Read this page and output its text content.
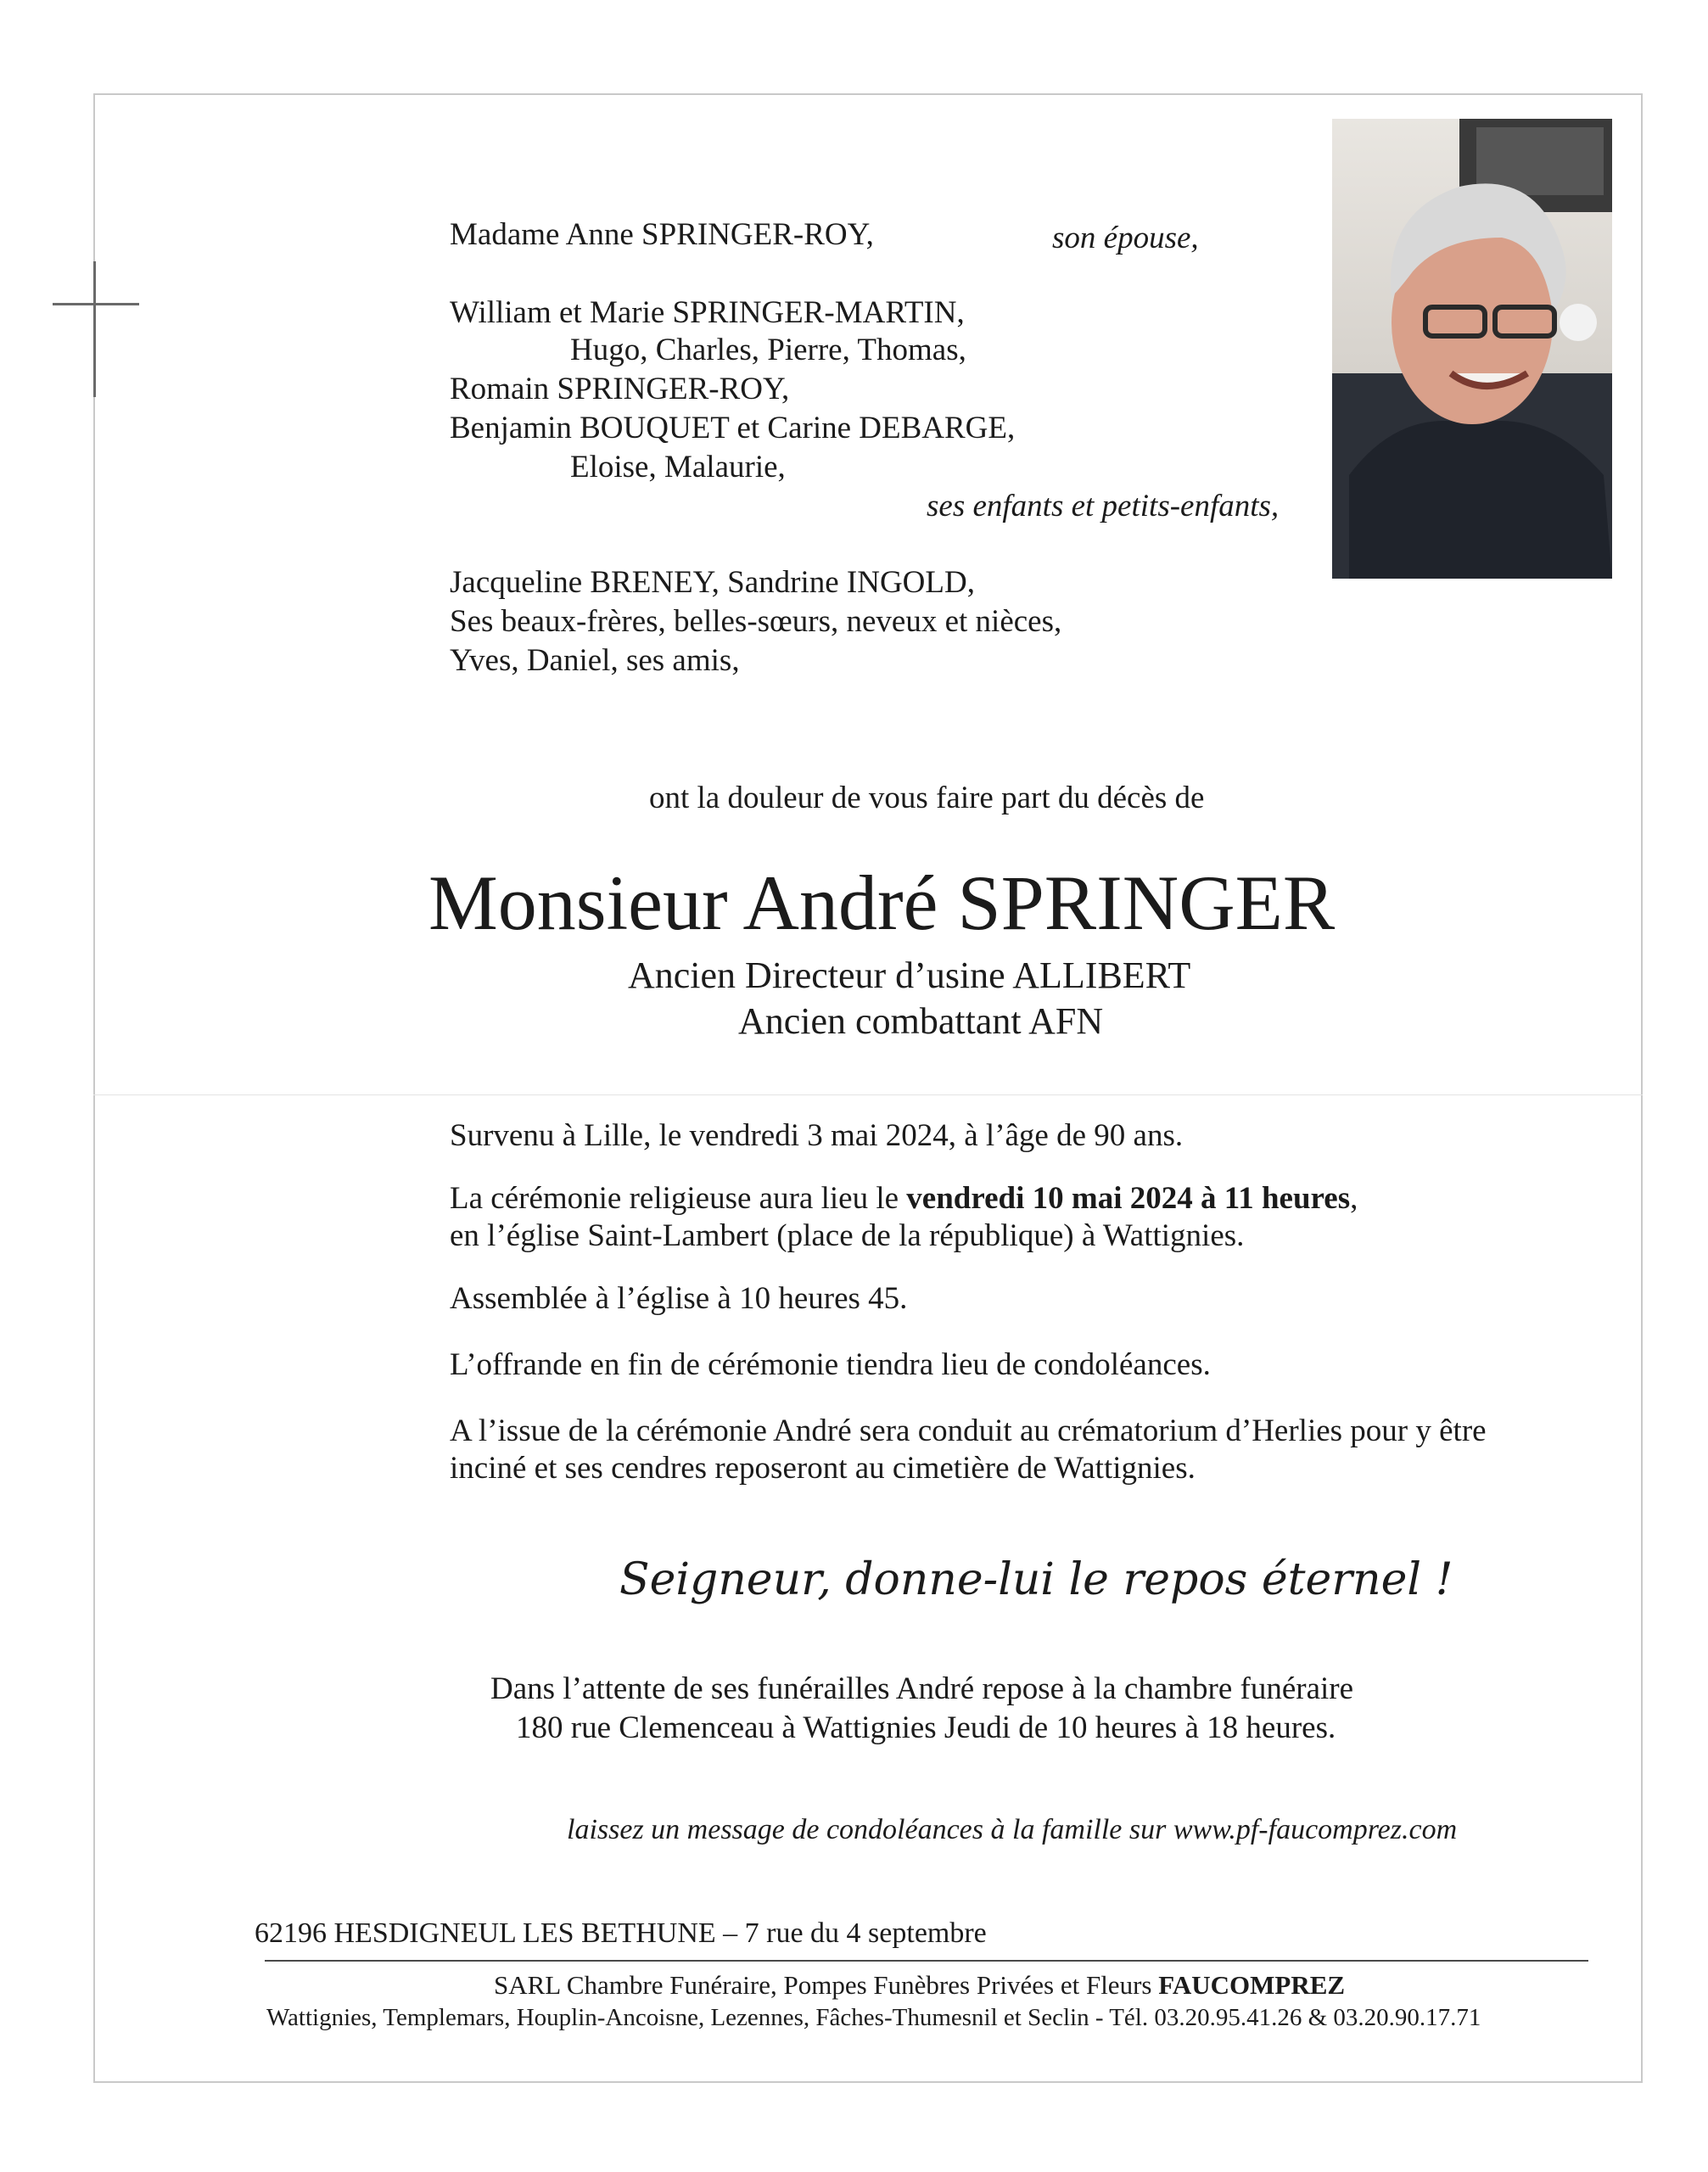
Madame Anne SPRINGER-ROY,	son épouse,
William et Marie SPRINGER-MARTIN,
Hugo, Charles, Pierre, Thomas,
Romain SPRINGER-ROY,
Benjamin BOUQUET et Carine DEBARGE,
Eloise, Malaurie,
ses enfants et petits-enfants,
Jacqueline BRENEY, Sandrine INGOLD,
Ses beaux-frères, belles-sœurs, neveux et nièces,
Yves, Daniel, ses amis,
ont la douleur de vous faire part du décès de
Monsieur André SPRINGER
Ancien Directeur d’usine ALLIBERT
Ancien combattant AFN
Survenu à Lille, le vendredi 3 mai 2024, à l’âge de 90 ans.
La cérémonie religieuse aura lieu le vendredi 10 mai 2024 à 11 heures,
en l’église Saint-Lambert (place de la république) à Wattignies.
Assemblée à l’église à 10 heures 45.
L’offrande en fin de cérémonie tiendra lieu de condoléances.
A l’issue de la cérémonie André sera conduit au crématorium d’Herlies pour y être
inciné et ses cendres reposeront au cimetière de Wattignies.
Seigneur, donne-lui le repos éternel !
Dans l’attente de ses funérailles André repose à la chambre funéraire
180 rue Clemenceau à Wattignies Jeudi de 10 heures à 18 heures.
laissez un message de condoléances à la famille sur www.pf-faucomprez.com
62196 HESDIGNEUL LES BETHUNE – 7 rue du 4 septembre
SARL Chambre Funéraire, Pompes Funèbres Privées et Fleurs FAUCOMPREZ
Wattignies, Templemars, Houplin-Ancoisne, Lezennes, Fâches-Thumesnil et Seclin - Tél. 03.20.95.41.26 & 03.20.90.17.71
